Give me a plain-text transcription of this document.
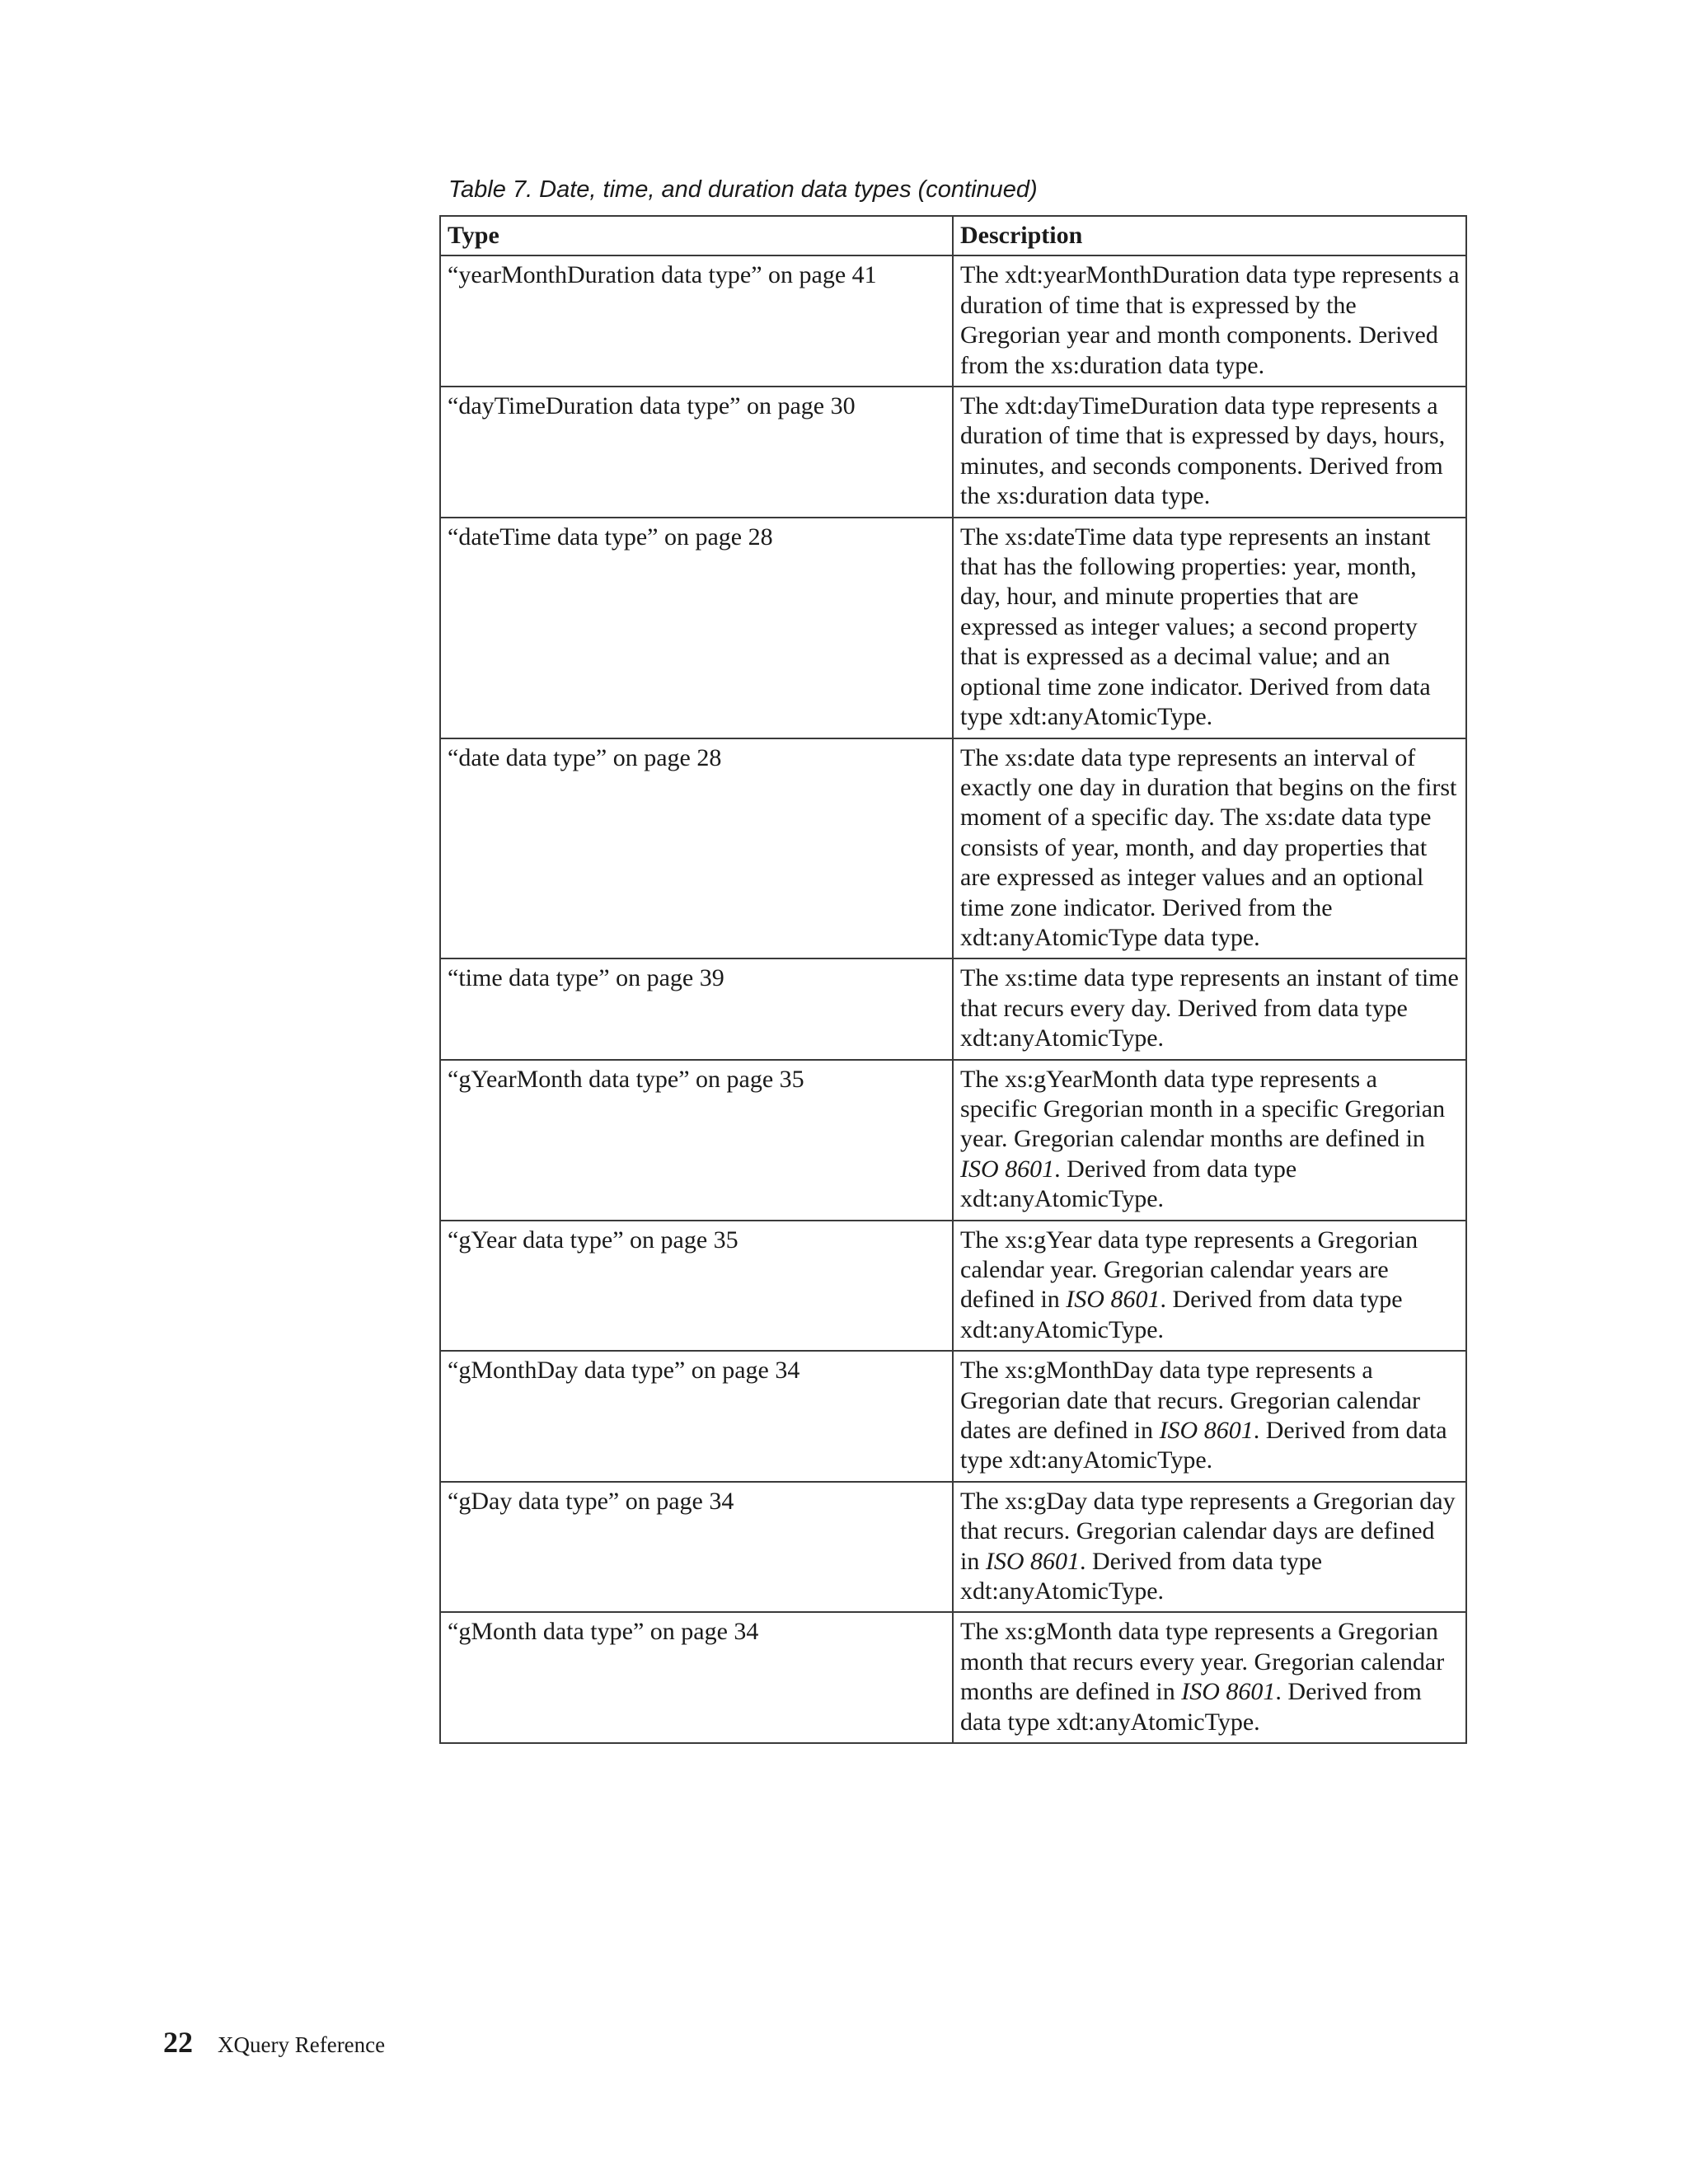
Table 7. Date, time, and duration data types (continued)
Type	Description
“yearMonthDuration data type” on page 41	The xdt:yearMonthDuration data type represents a duration of time that is expressed by the Gregorian year and month components. Derived from the xs:duration data type.
“dayTimeDuration data type” on page 30	The xdt:dayTimeDuration data type represents a duration of time that is expressed by days, hours, minutes, and seconds components. Derived from the xs:duration data type.
“dateTime data type” on page 28	The xs:dateTime data type represents an instant that has the following properties: year, month, day, hour, and minute properties that are expressed as integer values; a second property that is expressed as a decimal value; and an optional time zone indicator. Derived from data type xdt:anyAtomicType.
“date data type” on page 28	The xs:date data type represents an interval of exactly one day in duration that begins on the first moment of a specific day. The xs:date data type consists of year, month, and day properties that are expressed as integer values and an optional time zone indicator. Derived from the xdt:anyAtomicType data type.
“time data type” on page 39	The xs:time data type represents an instant of time that recurs every day. Derived from data type xdt:anyAtomicType.
“gYearMonth data type” on page 35	The xs:gYearMonth data type represents a specific Gregorian month in a specific Gregorian year. Gregorian calendar months are defined in ISO 8601. Derived from data type xdt:anyAtomicType.
“gYear data type” on page 35	The xs:gYear data type represents a Gregorian calendar year. Gregorian calendar years are defined in ISO 8601. Derived from data type xdt:anyAtomicType.
“gMonthDay data type” on page 34	The xs:gMonthDay data type represents a Gregorian date that recurs. Gregorian calendar dates are defined in ISO 8601. Derived from data type xdt:anyAtomicType.
“gDay data type” on page 34	The xs:gDay data type represents a Gregorian day that recurs. Gregorian calendar days are defined in ISO 8601. Derived from data type xdt:anyAtomicType.
“gMonth data type” on page 34	The xs:gMonth data type represents a Gregorian month that recurs every year. Gregorian calendar months are defined in ISO 8601. Derived from data type xdt:anyAtomicType.
22 XQuery Reference
